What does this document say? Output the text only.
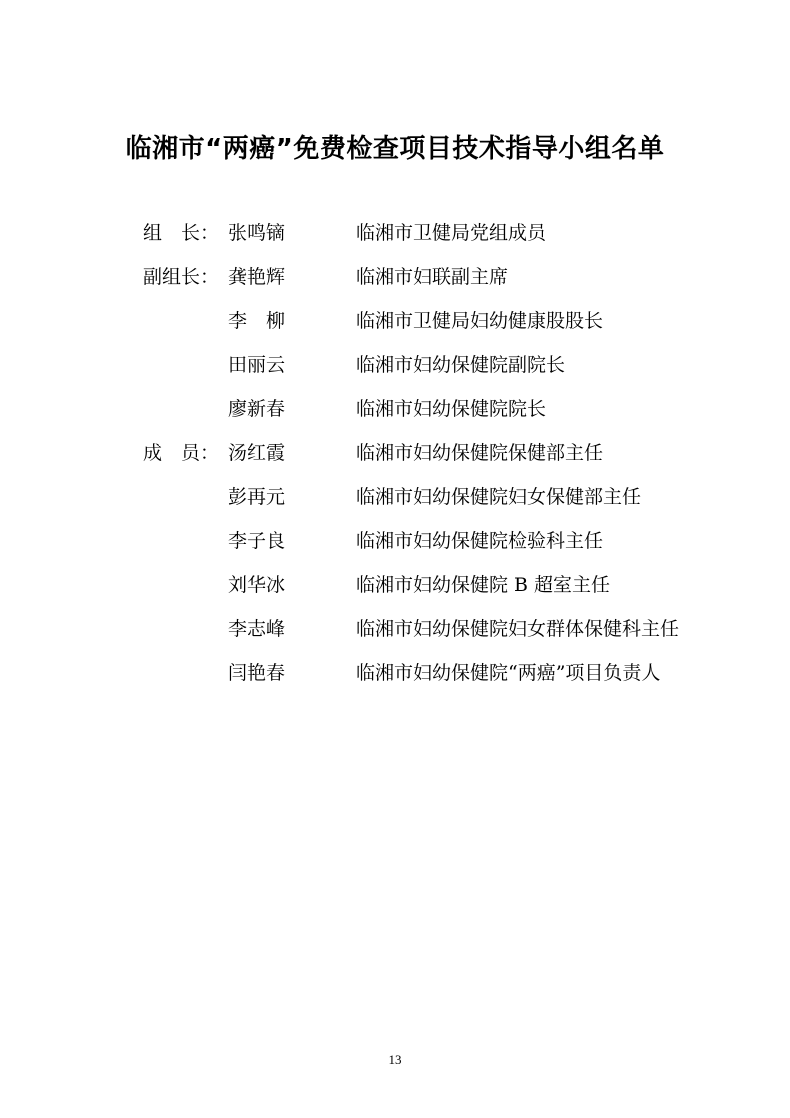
临湘市“两癌”免费检查项目技术指导小组名单
组　长： 张鸣镝	临湘市卫健局党组成员
副组长： 龚艳辉	临湘市妇联副主席
李　柳	临湘市卫健局妇幼健康股股长
田丽云	临湘市妇幼保健院副院长
廖新春	临湘市妇幼保健院院长
成　员： 汤红霞	临湘市妇幼保健院保健部主任
彭再元	临湘市妇幼保健院妇女保健部主任
李子良	临湘市妇幼保健院检验科主任
刘华冰	临湘市妇幼保健院 B 超室主任
李志峰	临湘市妇幼保健院妇女群体保健科主任
闫艳春	临湘市妇幼保健院“两癌”项目负责人
13
